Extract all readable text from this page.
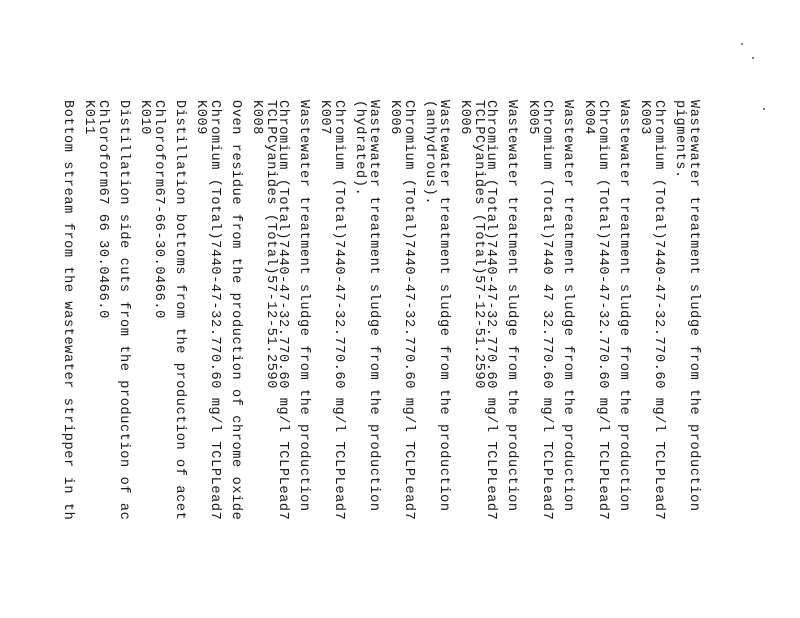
Wastewater treatment sludge from the production
pigments.
Chromium (Total)7440-47-32.770.60 mg/l TCLPLead7
K003
Wastewater treatment sludge from the production
Chromium (Total)7440-47-32.770.60 mg/l TCLPLead7
K004
Wastewater treatment sludge from the production
Chromium (Total)7440 47 32.770.60 mg/l TCLPLead7
K005
Wastewater treatment sludge from the production
Chromium (Total)7440-47-32.770.60 mg/l TCLPLead7
TCLPCyanides (Total)57-12-51.2590
K006
Wastewater treatment sludge from the production
(anhydrous).
Chromium (Total)7440-47-32.770.60 mg/l TCLPLead7
K006
Wastewater treatment sludge from the production
(hydrated).
Chromium (Total)7440-47-32.770.60 mg/l TCLPLead7
K007
Wastewater treatment sludge from the production
Chromium (Total)7440-47-32.770.60 mg/l TCLPLead7
TCLPCyanides (Total)57-12-51.2590
K008
Oven residue from the production of chrome oxide
Chromium (Total)7440-47-32.770.60 mg/l TCLPLead7
K009
Distillation bottoms from the production of acet
Chloroform67-66-30.0466.0
K010
Distillation side cuts from the production of ac
Chloroform67 66 30.0466.0
K011
Bottom stream from the wastewater stripper in th
